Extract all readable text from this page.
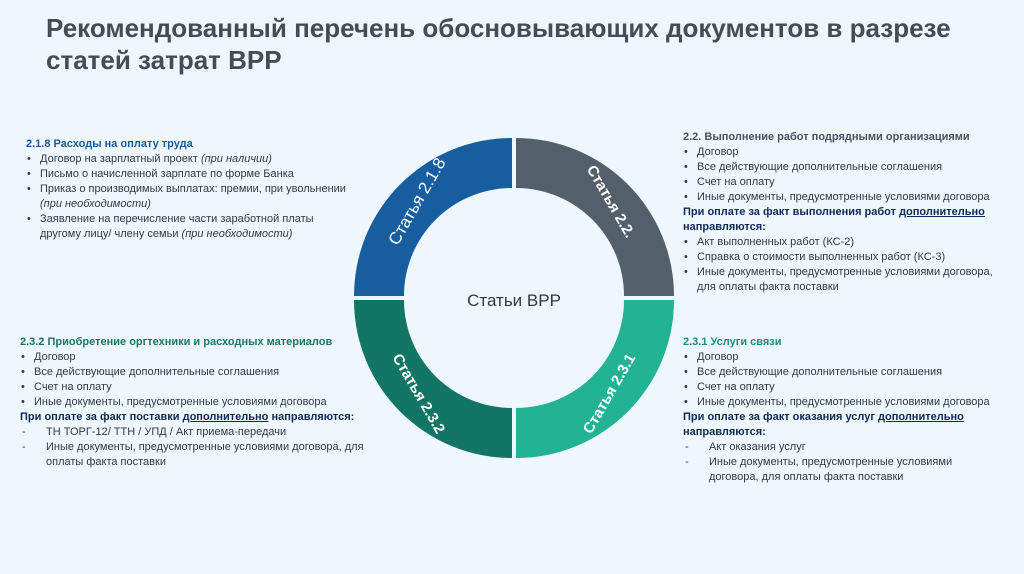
Рекомендованный перечень обосновывающих документов в разрезе статей затрат ВРР
Статья 2.1.8	Статья 2.2.
Статья 2.3.1
Статья 2.3.2
Статьи ВРР
2.1.8 Расходы на оплату труда
• Договор на зарплатный проект (при наличии)
• Письмо о начисленной зарплате по форме Банка
• Приказ о производимых выплатах: премии, при увольнении (при необходимости)
• Заявление на перечисление части заработной платы другому лицу/ члену семьи (при необходимости)
2.2. Выполнение работ подрядными организациями
• Договор
• Все действующие дополнительные соглашения
• Счет на оплату
• Иные документы, предусмотренные условиями договора
При оплате за факт выполнения работ дополнительно направляются:
• Акт выполненных работ (КС-2)
• Справка о стоимости выполненных работ (КС-3)
• Иные документы, предусмотренные условиями договора, для оплаты факта поставки
2.3.2 Приобретение оргтехники и расходных материалов
• Договор
• Все действующие дополнительные соглашения
• Счет на оплату
• Иные документы, предусмотренные условиями договора
При оплате за факт поставки дополнительно направляются:
- ТН ТОРГ-12/ ТТН / УПД / Акт приема-передачи
- Иные документы, предусмотренные условиями договора, для оплаты факта поставки
2.3.1 Услуги связи
• Договор
• Все действующие дополнительные соглашения
• Счет на оплату
• Иные документы, предусмотренные условиями договора
При оплате за факт оказания услуг дополнительно направляются:
- Акт оказания услуг
- Иные документы, предусмотренные условиями договора, для оплаты факта поставки
